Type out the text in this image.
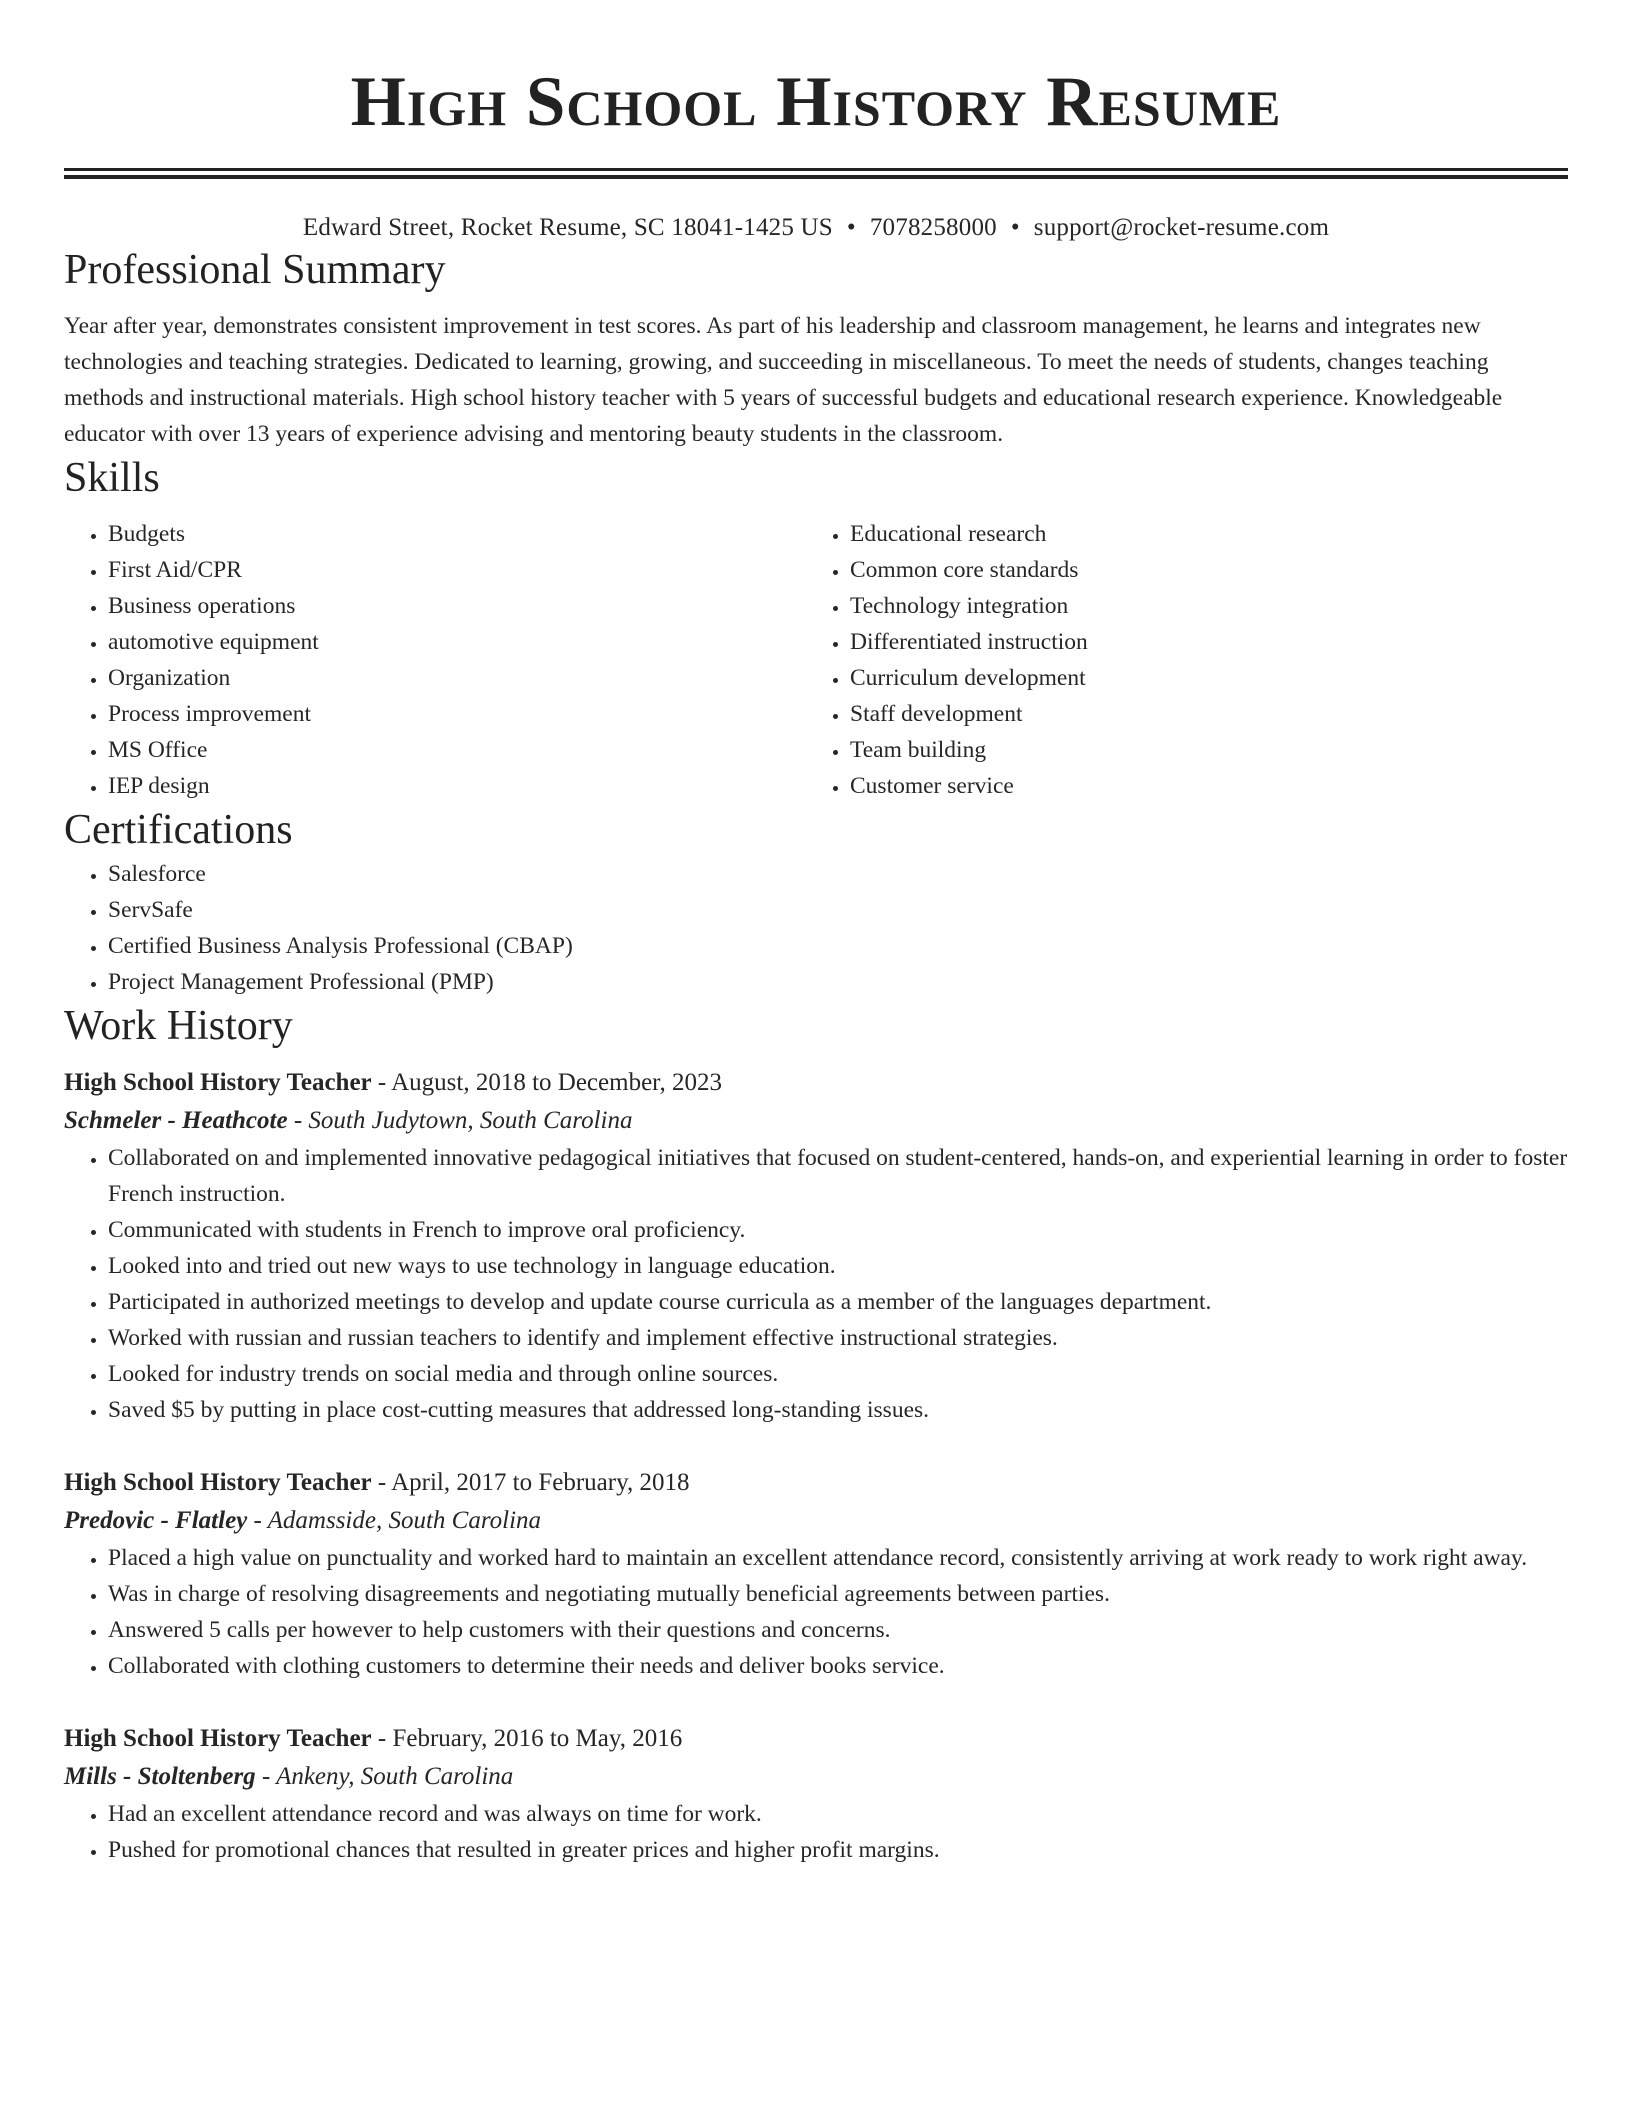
High School History Resume
Edward Street, Rocket Resume, SC 18041-1425 US • 7078258000 • support@rocket-resume.com
Professional Summary

Year after year, demonstrates consistent improvement in test scores. As part of his leadership and classroom management, he learns and integrates new technologies and teaching strategies. Dedicated to learning, growing, and succeeding in miscellaneous. To meet the needs of students, changes teaching methods and instructional materials. High school history teacher with 5 years of successful budgets and educational research experience. Knowledgeable educator with over 13 years of experience advising and mentoring beauty students in the classroom.

Skills
• Budgets
• First Aid/CPR
• Business operations
• automotive equipment
• Organization
• Process improvement
• MS Office
• IEP design
• Educational research
• Common core standards
• Technology integration
• Differentiated instruction
• Curriculum development
• Staff development
• Team building
• Customer service
Certifications
• Salesforce
• ServSafe
• Certified Business Analysis Professional (CBAP)
• Project Management Professional (PMP)
Work History
High School History Teacher - August, 2018 to December, 2023
Schmeler - Heathcote - South Judytown, South Carolina
• Collaborated on and implemented innovative pedagogical initiatives that focused on student-centered, hands-on, and experiential learning in order to foster French instruction.
• Communicated with students in French to improve oral proficiency.
• Looked into and tried out new ways to use technology in language education.
• Participated in authorized meetings to develop and update course curricula as a member of the languages department.
• Worked with russian and russian teachers to identify and implement effective instructional strategies.
• Looked for industry trends on social media and through online sources.
• Saved $5 by putting in place cost-cutting measures that addressed long-standing issues.
High School History Teacher - April, 2017 to February, 2018
Predovic - Flatley - Adamsside, South Carolina
• Placed a high value on punctuality and worked hard to maintain an excellent attendance record, consistently arriving at work ready to work right away.
• Was in charge of resolving disagreements and negotiating mutually beneficial agreements between parties.
• Answered 5 calls per however to help customers with their questions and concerns.
• Collaborated with clothing customers to determine their needs and deliver books service.
High School History Teacher - February, 2016 to May, 2016
Mills - Stoltenberg - Ankeny, South Carolina
• Had an excellent attendance record and was always on time for work.
• Pushed for promotional chances that resulted in greater prices and higher profit margins.
